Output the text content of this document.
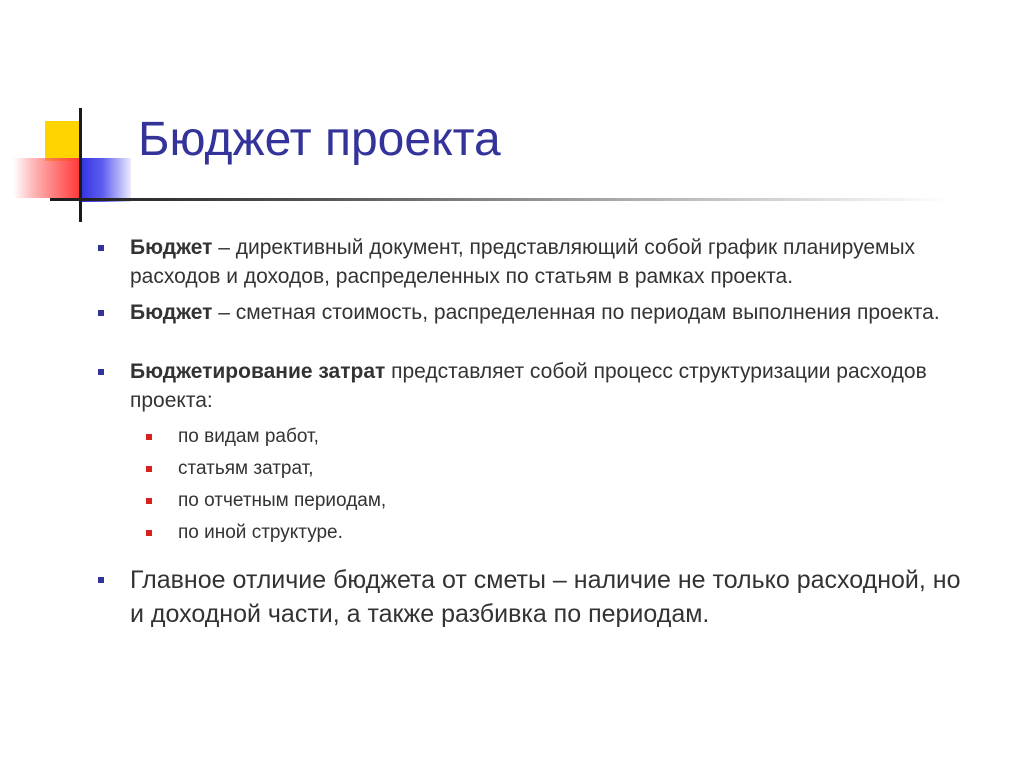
Бюджет проекта
Бюджет – директивный документ, представляющий собой график планируемых расходов и доходов, распределенных по статьям в рамках проекта.
Бюджет – сметная стоимость, распределенная по периодам выполнения проекта.
Бюджетирование затрат представляет собой процесс структуризации расходов проекта:
по видам работ,
статьям затрат,
по отчетным периодам,
по иной структуре.
Главное отличие бюджета от сметы – наличие не только расходной, но и доходной части, а также разбивка по периодам.
